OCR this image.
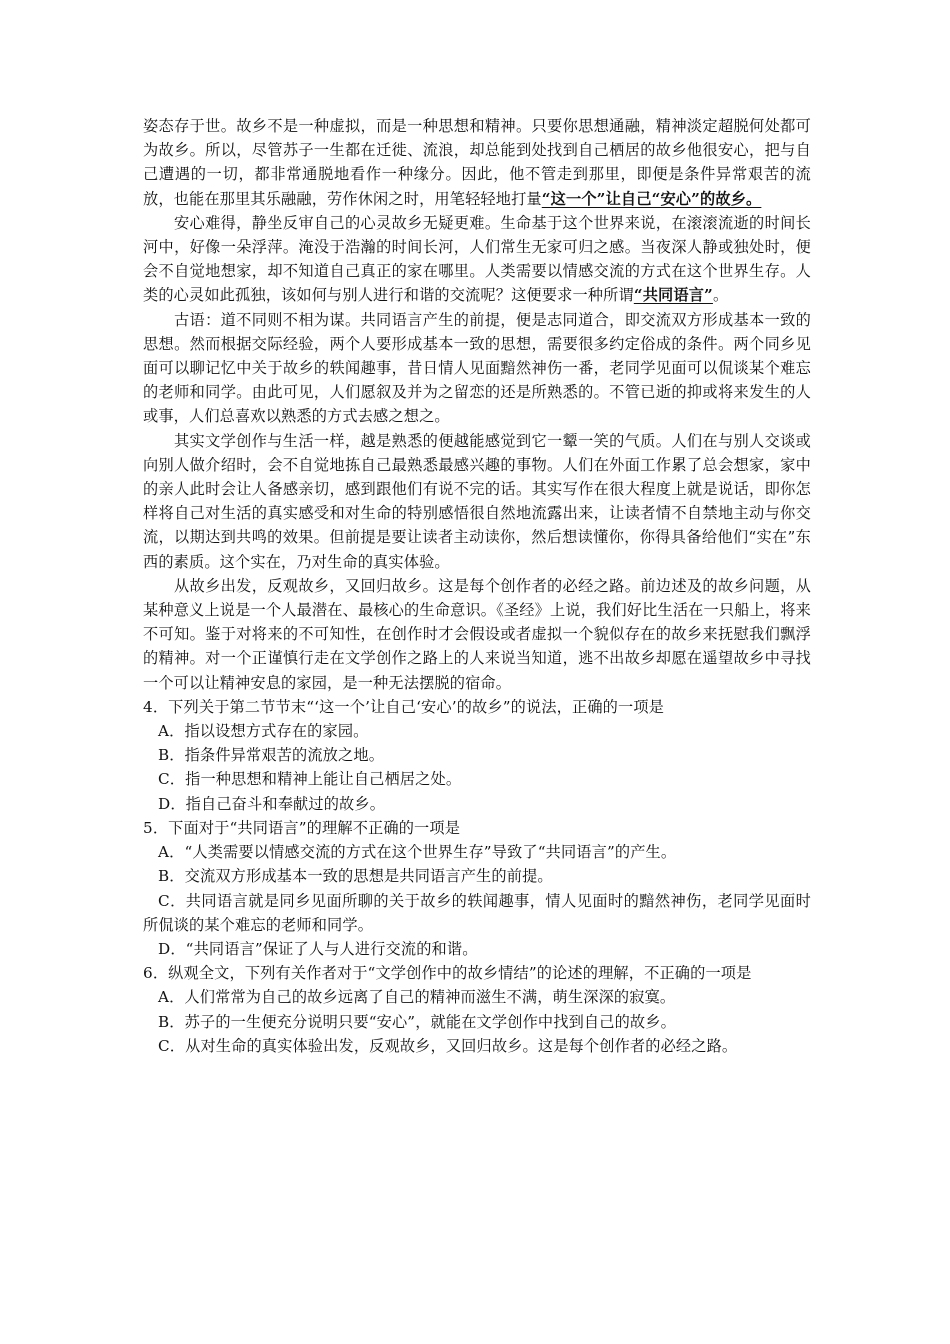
姿态存于世。故乡不是一种虚拟，而是一种思想和精神。只要你思想通融，精神淡定超脱何处都可为故乡。所以，尽管苏子一生都在迁徙、流浪，却总能到处找到自己栖居的故乡他很安心，把与自己遭遇的一切，都非常通脱地看作一种缘分。因此，他不管走到那里，即便是条件异常艰苦的流放，也能在那里其乐融融，劳作休闲之时，用笔轻轻地打量“这一个”让自己“安心”的故乡。

安心难得，静坐反审自己的心灵故乡无疑更难。生命基于这个世界来说，在滚滚流逝的时间长河中，好像一朵浮萍。淹没于浩瀚的时间长河，人们常生无家可归之感。当夜深人静或独处时，便会不自觉地想家，却不知道自己真正的家在哪里。人类需要以情感交流的方式在这个世界生存。人类的心灵如此孤独，该如何与别人进行和谐的交流呢？这便要求一种所谓“共同语言”。

古语：道不同则不相为谋。共同语言产生的前提，便是志同道合，即交流双方形成基本一致的思想。然而根据交际经验，两个人要形成基本一致的思想，需要很多约定俗成的条件。两个同乡见面可以聊记忆中关于故乡的轶闻趣事，昔日情人见面黯然神伤一番，老同学见面可以侃谈某个难忘的老师和同学。由此可见，人们愿叙及并为之留恋的还是所熟悉的。不管已逝的抑或将来发生的人或事，人们总喜欢以熟悉的方式去感之想之。

其实文学创作与生活一样，越是熟悉的便越能感觉到它一颦一笑的气质。人们在与别人交谈或向别人做介绍时，会不自觉地拣自己最熟悉最感兴趣的事物。人们在外面工作累了总会想家，家中的亲人此时会让人备感亲切，感到跟他们有说不完的话。其实写作在很大程度上就是说话，即你怎样将自己对生活的真实感受和对生命的特别感悟很自然地流露出来，让读者情不自禁地主动与你交流，以期达到共鸣的效果。但前提是要让读者主动读你，然后想读懂你，你得具备给他们“实在”东西的素质。这个实在，乃对生命的真实体验。

从故乡出发，反观故乡，又回归故乡。这是每个创作者的必经之路。前边述及的故乡问题，从某种意义上说是一个人最潜在、最核心的生命意识。《圣经》上说，我们好比生活在一只船上，将来不可知。鉴于对将来的不可知性，在创作时才会假设或者虚拟一个貌似存在的故乡来抚慰我们飘浮的精神。对一个正谨慎行走在文学创作之路上的人来说当知道，逃不出故乡却愿在遥望故乡中寻找一个可以让精神安息的家园，是一种无法摆脱的宿命。

4．下列关于第二节节末“‘这一个’让自己‘安心’的故乡”的说法，正确的一项是

A．指以设想方式存在的家园。

B．指条件异常艰苦的流放之地。

C．指一种思想和精神上能让自己栖居之处。

D．指自己奋斗和奉献过的故乡。

5．下面对于“共同语言”的理解不正确的一项是

A．“人类需要以情感交流的方式在这个世界生存”导致了“共同语言”的产生。

B．交流双方形成基本一致的思想是共同语言产生的前提。

C．共同语言就是同乡见面所聊的关于故乡的轶闻趣事，情人见面时的黯然神伤，老同学见面时所侃谈的某个难忘的老师和同学。

D．“共同语言”保证了人与人进行交流的和谐。

6．纵观全文，下列有关作者对于“文学创作中的故乡情结”的论述的理解，不正确的一项是

A．人们常常为自己的故乡远离了自己的精神而滋生不满，萌生深深的寂寞。

B．苏子的一生便充分说明只要“安心”，就能在文学创作中找到自己的故乡。

C．从对生命的真实体验出发，反观故乡，又回归故乡。这是每个创作者的必经之路。
